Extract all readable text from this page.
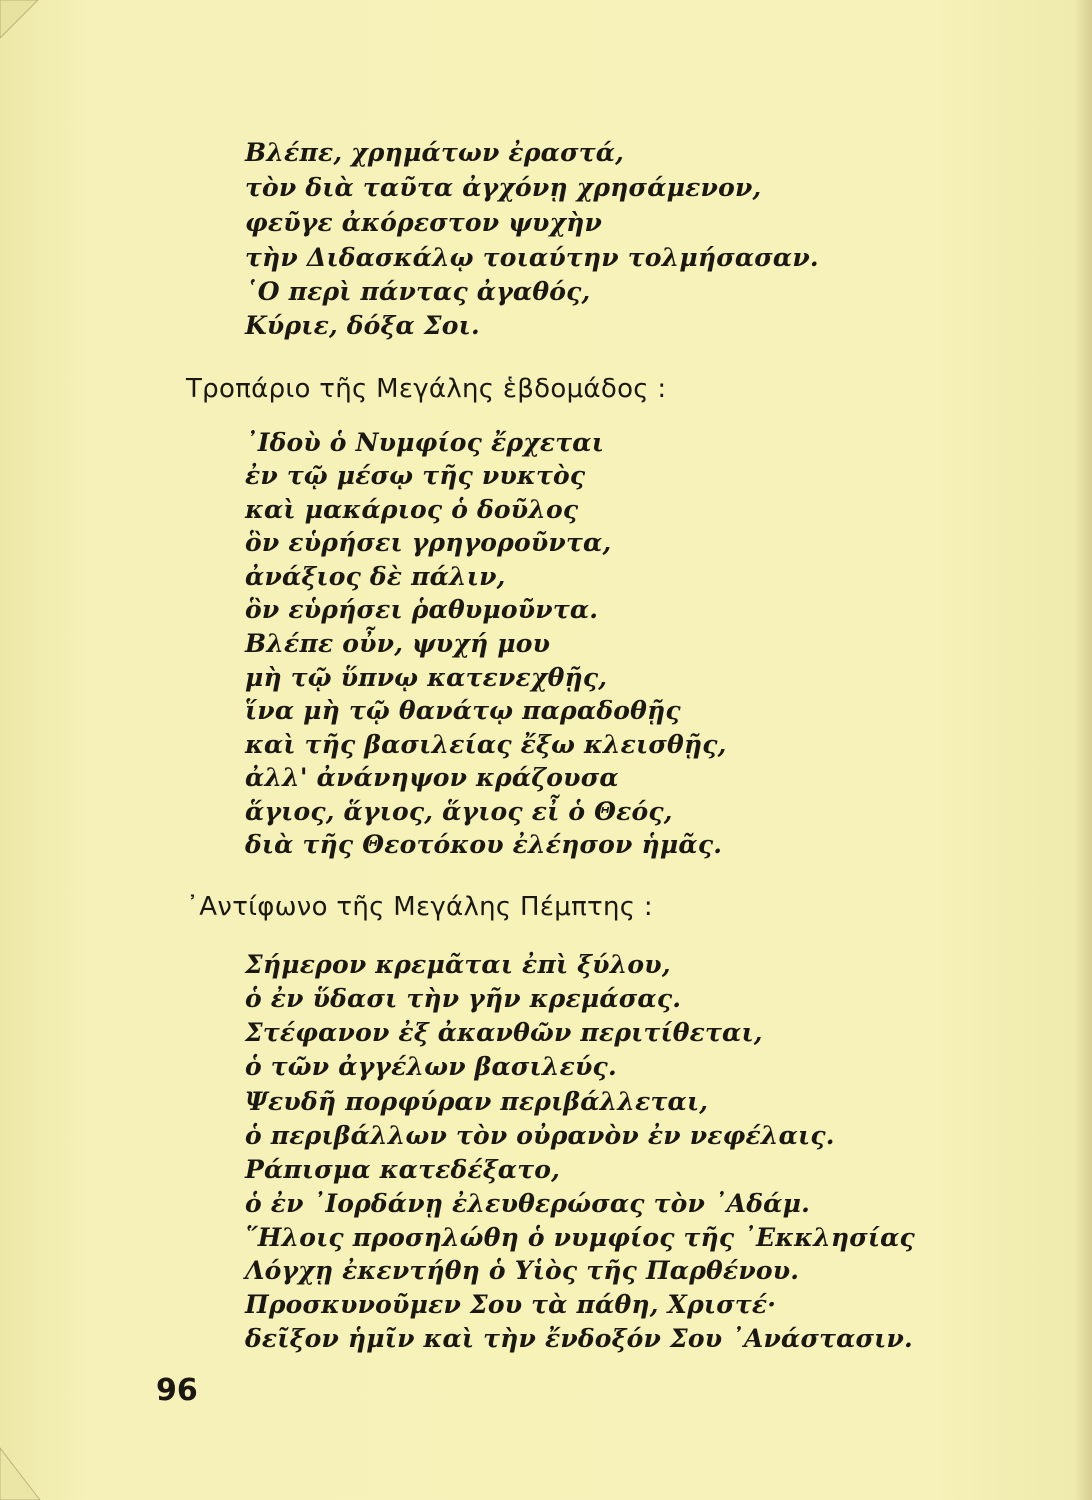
Βλέπε, χρημάτων ἐραστά,
τὸν διὰ ταῦτα ἀγχόνῃ χρησάμενον,
φεῦγε ἀκόρεστον ψυχὴν
τὴν Διδασκάλῳ τοιαύτην τολμήσασαν.
῾Ο περὶ πάντας ἀγαθός,
Κύριε, δόξα Σοι.
Τροπάριο τῆς Μεγάλης ἑβδομάδος :
᾿Ιδοὺ ὁ Νυμφίος ἔρχεται
ἐν τῷ μέσῳ τῆς νυκτὸς
καὶ μακάριος ὁ δοῦλος
ὃν εὑρήσει γρηγοροῦντα,
ἀνάξιος δὲ πάλιν,
ὃν εὑρήσει ῥαθυμοῦντα.
Βλέπε οὖν, ψυχή μου
μὴ τῷ ὕπνῳ κατενεχθῇς,
ἵνα μὴ τῷ θανάτῳ παραδοθῇς
καὶ τῆς βασιλείας ἔξω κλεισθῇς,
ἀλλ' ἀνάνηψον κράζουσα
ἅγιος, ἅγιος, ἅγιος εἶ ὁ Θεός,
διὰ τῆς Θεοτόκου ἐλέησον ἡμᾶς.
᾿Αντίφωνο τῆς Μεγάλης Πέμπτης :
Σήμερον κρεμᾶται ἐπὶ ξύλου,
ὁ ἐν ὕδασι τὴν γῆν κρεμάσας.
Στέφανον ἐξ ἀκανθῶν περιτίθεται,
ὁ τῶν ἀγγέλων βασιλεύς.
Ψευδῆ πορφύραν περιβάλλεται,
ὁ περιβάλλων τὸν οὐρανὸν ἐν νεφέλαις.
Ράπισμα κατεδέξατο,
ὁ ἐν ᾿Ιορδάνῃ ἐλευθερώσας τὸν ᾿Αδάμ.
῞Ηλοις προσηλώθη ὁ νυμφίος τῆς ᾿Εκκλησίας
Λόγχῃ ἐκεντήθη ὁ Υἱὸς τῆς Παρθένου.
Προσκυνοῦμεν Σου τὰ πάθη, Χριστέ·
δεῖξον ἡμῖν καὶ τὴν ἔνδοξόν Σου ᾿Ανάστασιν.
96
